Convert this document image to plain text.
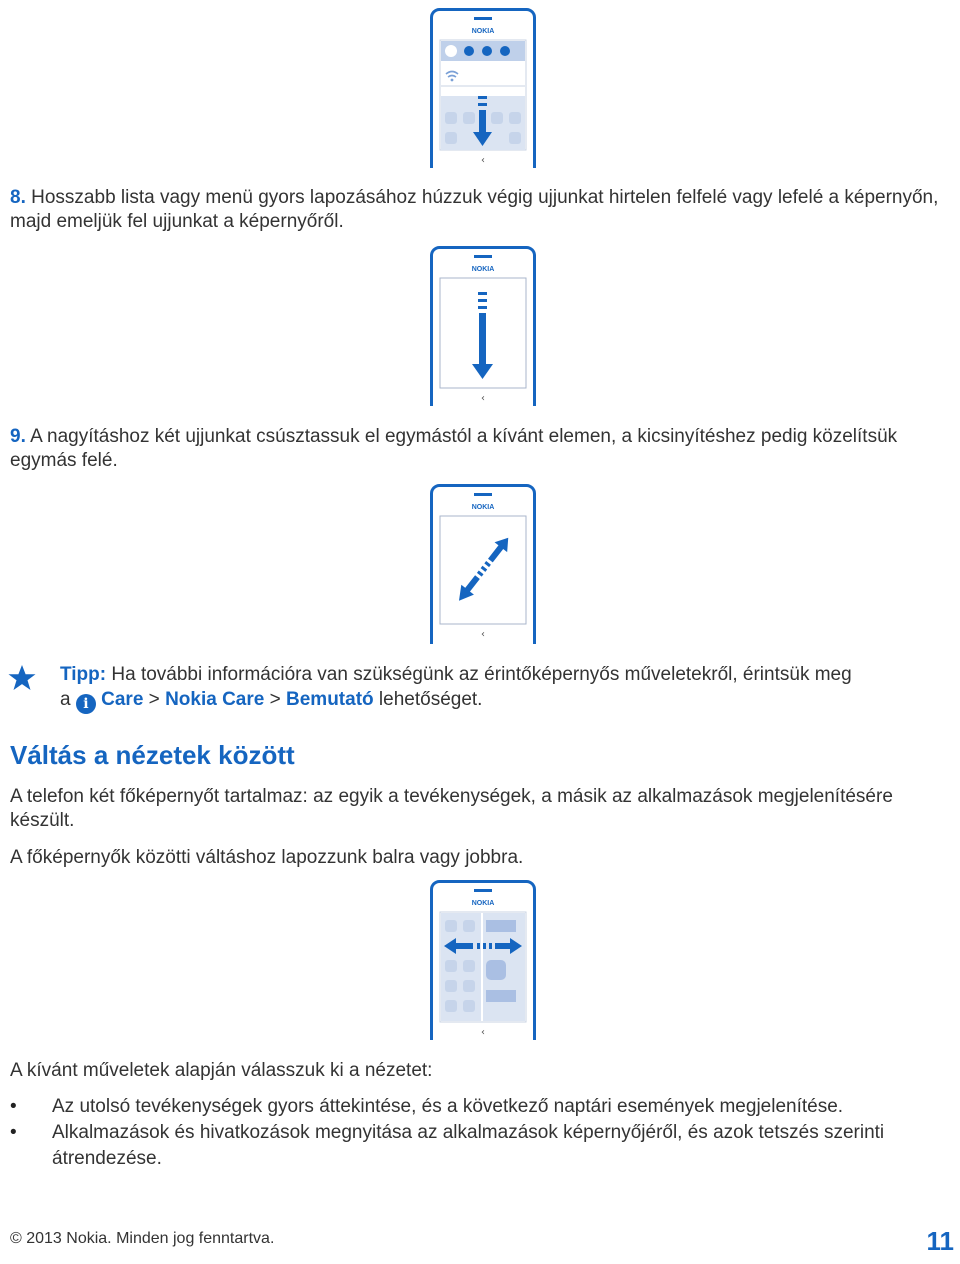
NOKIA
‹
8. Hosszabb lista vagy menü gyors lapozásához húzzuk végig ujjunkat hirtelen felfelé vagy lefelé a képernyőn, majd emeljük fel ujjunkat a képernyőről.
NOKIA
‹
9. A nagyításhoz két ujjunkat csúsztassuk el egymástól a kívánt elemen, a kicsinyítéshez pedig közelítsük egymás felé.
NOKIA
‹
Tipp: Ha további információra van szükségünk az érintőképernyős műveletekről, érintsük meg
a i Care > Nokia Care > Bemutató lehetőséget.
Váltás a nézetek között
A telefon két főképernyőt tartalmaz: az egyik a tevékenységek, a másik az alkalmazások megjelenítésére készült.
A főképernyők közötti váltáshoz lapozzunk balra vagy jobbra.
NOKIA
‹
A kívánt műveletek alapján válasszuk ki a nézetet:
• Az utolsó tevékenységek gyors áttekintése, és a következő naptári események megjelenítése.
• Alkalmazások és hivatkozások megnyitása az alkalmazások képernyőjéről, és azok tetszés szerinti átrendezése.
© 2013 Nokia. Minden jog fenntartva.	11
